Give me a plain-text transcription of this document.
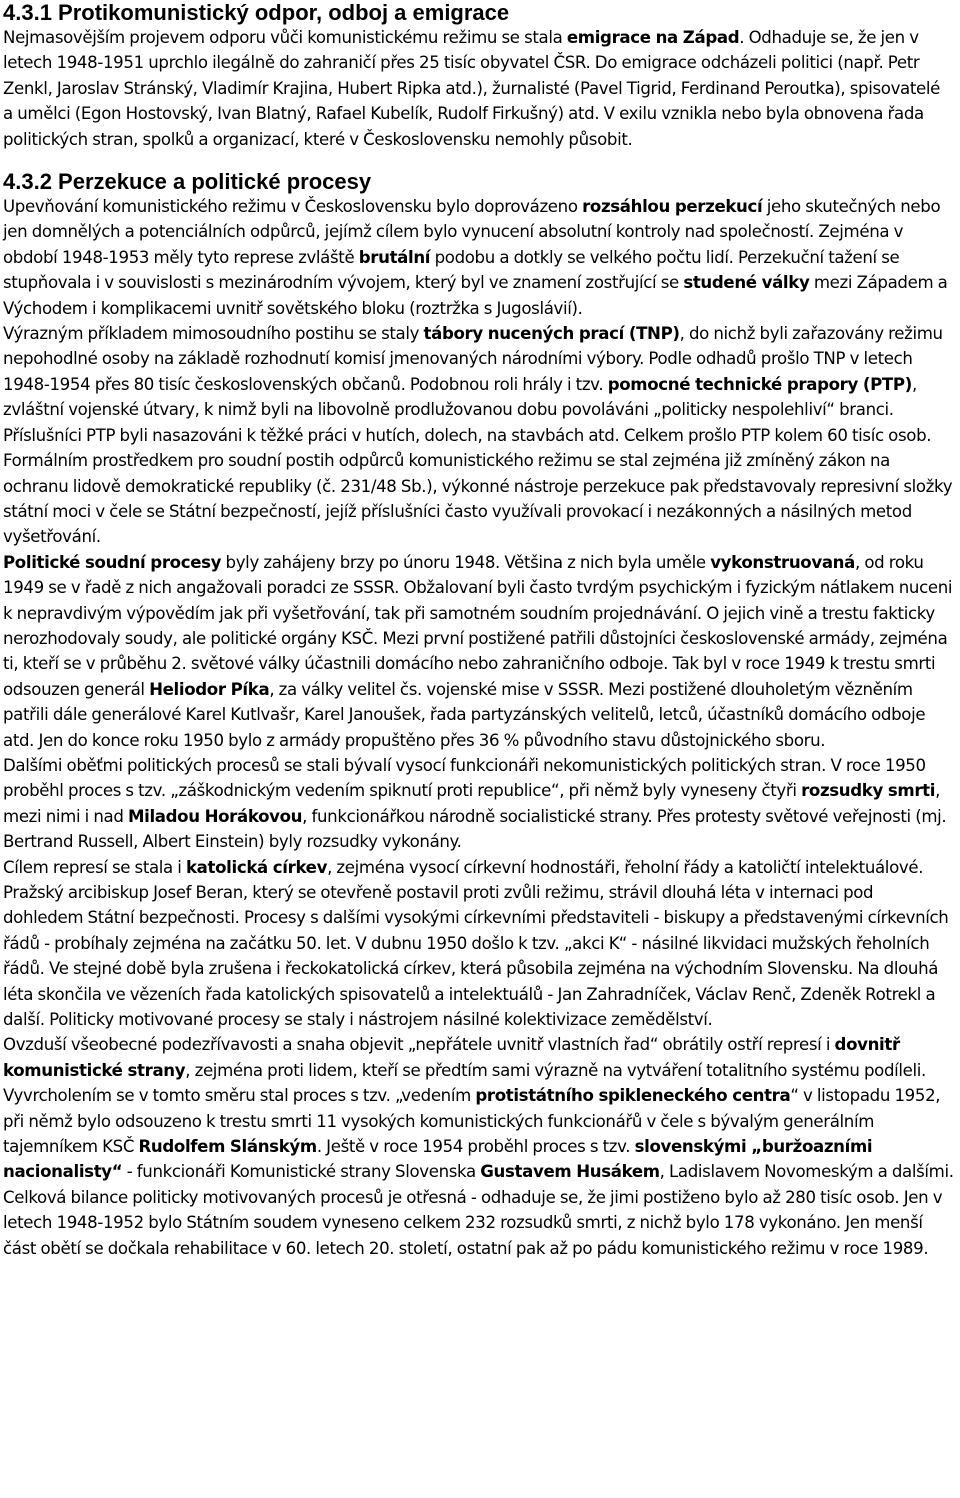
4.3.1 Protikomunistický odpor, odboj a emigrace

Nejmasovějším projevem odporu vůči komunistickému režimu se stala emigrace na Západ. Odhaduje se, že jen v letech 1948-1951 uprchlo ilegálně do zahraničí přes 25 tisíc obyvatel ČSR. Do emigrace odcházeli politici (např. Petr Zenkl, Jaroslav Stránský, Vladimír Krajina, Hubert Ripka atd.), žurnalisté (Pavel Tigrid, Ferdinand Peroutka), spisovatelé a umělci (Egon Hostovský, Ivan Blatný, Rafael Kubelík, Rudolf Firkušný) atd. V exilu vznikla nebo byla obnovena řada politických stran, spolků a organizací, které v Československu nemohly působit.

4.3.2 Perzekuce a politické procesy

Upevňování komunistického režimu v Československu bylo doprovázeno rozsáhlou perzekucí jeho skutečných nebo jen domnělých a potenciálních odpůrců, jejímž cílem bylo vynucení absolutní kontroly nad společností. Zejména v období 1948-1953 měly tyto represe zvláště brutální podobu a dotkly se velkého počtu lidí. Perzekuční tažení se stupňovala i v souvislosti s mezinárodním vývojem, který byl ve znamení zostřující se studené války mezi Západem a Východem i komplikacemi uvnitř sovětského bloku (roztržka s Jugoslávií).

Výrazným příkladem mimosoudního postihu se staly tábory nucených prací (TNP), do nichž byli zařazovány režimu nepohodlné osoby na základě rozhodnutí komisí jmenovaných národními výbory. Podle odhadů prošlo TNP v letech 1948-1954 přes 80 tisíc československých občanů. Podobnou roli hrály i tzv. pomocné technické prapory (PTP), zvláštní vojenské útvary, k nimž byli na libovolně prodlužovanou dobu povoláváni „politicky nespolehliví“ branci. Příslušníci PTP byli nasazováni k těžké práci v hutích, dolech, na stavbách atd. Celkem prošlo PTP kolem 60 tisíc osob.

Formálním prostředkem pro soudní postih odpůrců komunistického režimu se stal zejména již zmíněný zákon na ochranu lidově demokratické republiky (č. 231/48 Sb.), výkonné nástroje perzekuce pak představovaly represivní složky státní moci v čele se Státní bezpečností, jejíž příslušníci často využívali provokací i nezákonných a násilných metod vyšetřování.

Politické soudní procesy byly zahájeny brzy po únoru 1948. Většina z nich byla uměle vykonstruovaná, od roku 1949 se v řadě z nich angažovali poradci ze SSSR. Obžalovaní byli často tvrdým psychickým i fyzickým nátlakem nuceni k nepravdivým výpovědím jak při vyšetřování, tak při samotném soudním projednávání. O jejich vině a trestu fakticky nerozhodovaly soudy, ale politické orgány KSČ. Mezi první postižené patřili důstojníci československé armády, zejména ti, kteří se v průběhu 2. světové války účastnili domácího nebo zahraničního odboje. Tak byl v roce 1949 k trestu smrti odsouzen generál Heliodor Píka, za války velitel čs. vojenské mise v SSSR. Mezi postižené dlouholetým vězněním patřili dále generálové Karel Kutlvašr, Karel Janoušek, řada partyzánských velitelů, letců, účastníků domácího odboje atd. Jen do konce roku 1950 bylo z armády propuštěno přes 36 % původního stavu důstojnického sboru.

Dalšími oběťmi politických procesů se stali bývalí vysocí funkcionáři nekomunistických politických stran. V roce 1950 proběhl proces s tzv. „záškodnickým vedením spiknutí proti republice“, při němž byly vyneseny čtyři rozsudky smrti, mezi nimi i nad Miladou Horákovou, funkcionářkou národně socialistické strany. Přes protesty světové veřejnosti (mj. Bertrand Russell, Albert Einstein) byly rozsudky vykonány.

Cílem represí se stala i katolická církev, zejména vysocí církevní hodnostáři, řeholní řády a katoličtí intelektuálové. Pražský arcibiskup Josef Beran, který se otevřeně postavil proti zvůli režimu, strávil dlouhá léta v internaci pod dohledem Státní bezpečnosti. Procesy s dalšími vysokými církevními představiteli - biskupy a představenými církevních řádů - probíhaly zejména na začátku 50. let. V dubnu 1950 došlo k tzv. „akci K“ - násilné likvidaci mužských řeholních řádů. Ve stejné době byla zrušena i řeckokatolická církev, která působila zejména na východním Slovensku. Na dlouhá léta skončila ve vězeních řada katolických spisovatelů a intelektuálů - Jan Zahradníček, Václav Renč, Zdeněk Rotrekl a další. Politicky motivované procesy se staly i nástrojem násilné kolektivizace zemědělství.

Ovzduší všeobecné podezřívavosti a snaha objevit „nepřátele uvnitř vlastních řad“ obrátily ostří represí i dovnitř komunistické strany, zejména proti lidem, kteří se předtím sami výrazně na vytváření totalitního systému podíleli. Vyvrcholením se v tomto směru stal proces s tzv. „vedením protistátního spikleneckého centra“ v listopadu 1952, při němž bylo odsouzeno k trestu smrti 11 vysokých komunistických funkcionářů v čele s bývalým generálním tajemníkem KSČ Rudolfem Slánským. Ještě v roce 1954 proběhl proces s tzv. slovenskými „buržoazními nacionalisty“ - funkcionáři Komunistické strany Slovenska Gustavem Husákem, Ladislavem Novomeským a dalšími.

Celková bilance politicky motivovaných procesů je otřesná - odhaduje se, že jimi postiženo bylo až 280 tisíc osob. Jen v letech 1948-1952 bylo Státním soudem vyneseno celkem 232 rozsudků smrti, z nichž bylo 178 vykonáno. Jen menší část obětí se dočkala rehabilitace v 60. letech 20. století, ostatní pak až po pádu komunistického režimu v roce 1989.
